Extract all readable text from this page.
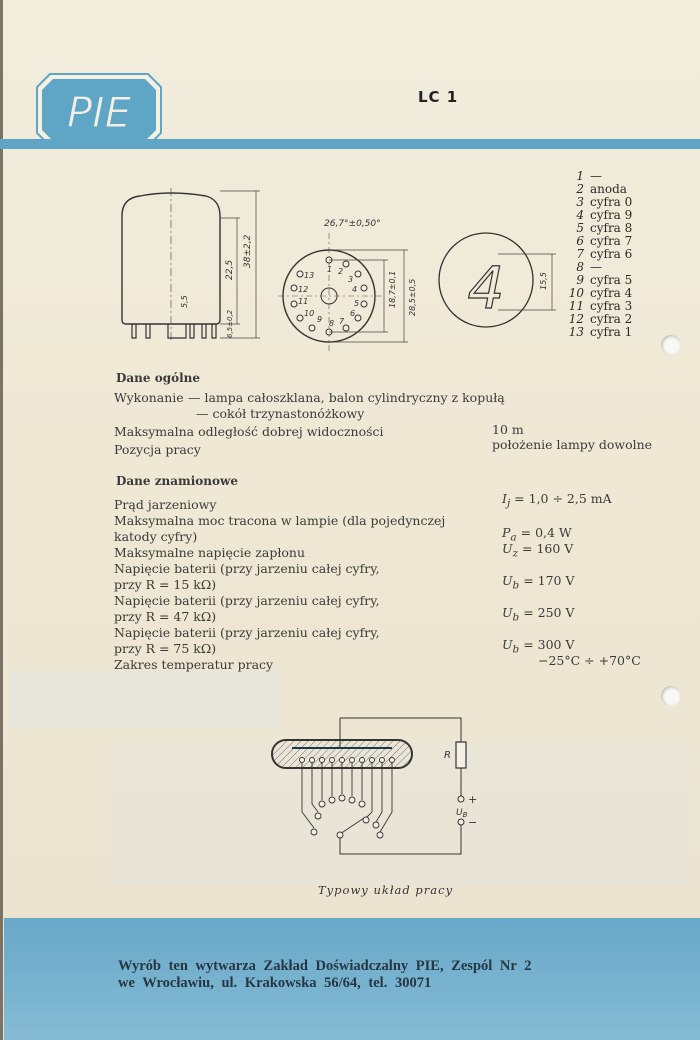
PIE	LC 1
38±2,2
22,5
5,5
6,5±0,2
26,7°±0,50°
1 2
3
4
5
6
7
8
9
10
11
12
13	18,7±0,1 28,5±0,5 4	15,5
1 —
2 anoda
3 cyfra 0
4 cyfra 9
5 cyfra 8
6 cyfra 7
7 cyfra 6
8 —
9 cyfra 5
10 cyfra 4
11 cyfra 3
12 cyfra 2
13 cyfra 1
Dane ogólne
Wykonanie — lampa całoszklana, balon cylindryczny z kopułą
— cokół trzynastonóżkowy
Maksymalna odległość dobrej widoczności	10 m
Pozycja pracy	położenie lampy dowolne
Dane znamionowe
Prąd jarzeniowy	$I_j = 1,0 \div 2,5$ mA
Maksymalna moc tracona w lampie (dla pojedynczej
katody cyfry)	$P_a = 0,4$ W
Maksymalne napięcie zapłonu	$U_z = 160$ V
Napięcie baterii (przy jarzeniu całej cyfry,
przy R = 15 kΩ)	$U_b = 170$ V
Napięcie baterii (przy jarzeniu całej cyfry,
przy R = 47 kΩ)	$U_b = 250$ V
Napięcie baterii (przy jarzeniu całej cyfry,
przy R = 75 kΩ)	$U_b = 300$ V
Zakres temperatur pracy	−25°C ÷ +70°C
R
+
$U_B$
−
Typowy układ pracy
Wyrób ten wytwarza Zakład Doświadczalny PIE, Zespól Nr 2
we Wrocławiu, ul. Krakowska 56/64, tel. 30071
